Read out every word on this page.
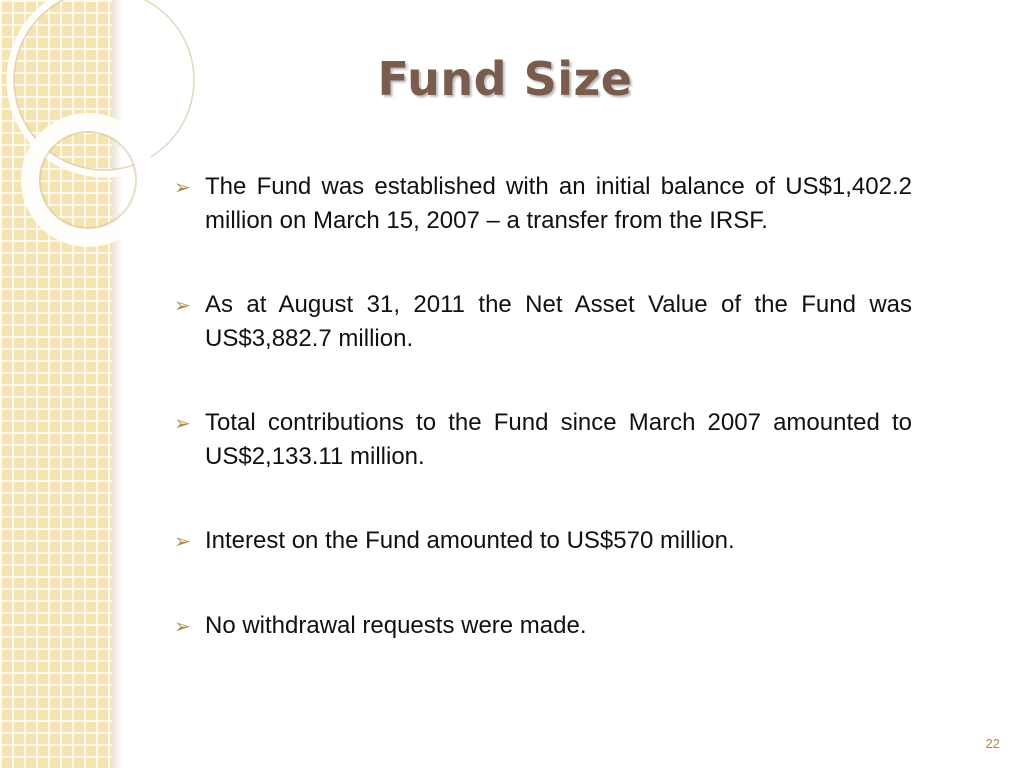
Fund Size
➢ The Fund was established with an initial balance of US$1,402.2 million on March 15, 2007 – a transfer from the IRSF.
➢ As at August 31, 2011 the Net Asset Value of the Fund was US$3,882.7 million.
➢ Total contributions to the Fund since March 2007 amounted to US$2,133.11 million.
➢ Interest on the Fund amounted to US$570 million.
➢ No withdrawal requests were made.
22
